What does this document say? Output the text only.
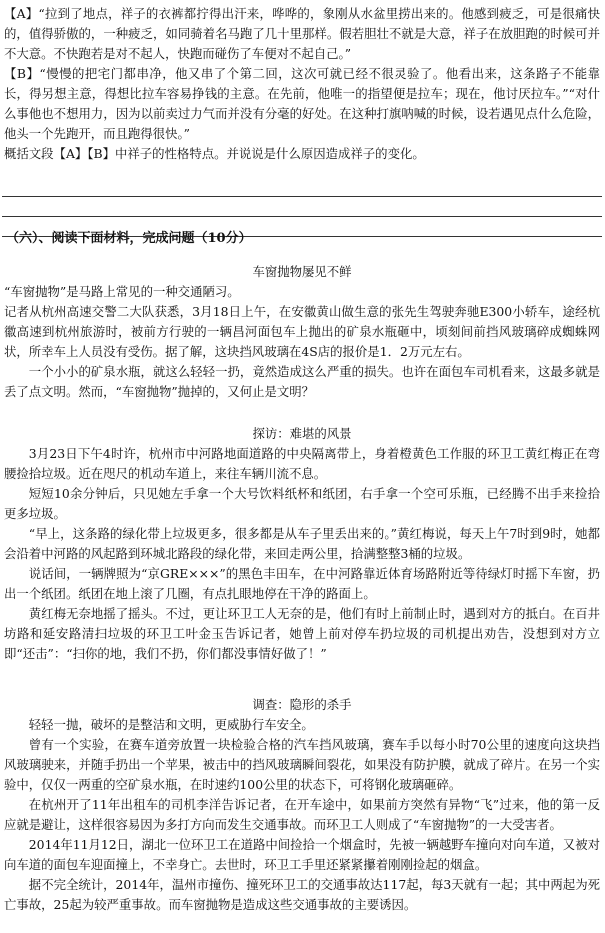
【A】“拉到了地点，祥子的衣裤都拧得出汗来，哗哗的，象刚从水盆里捞出来的。他感到疲乏，可是很痛快的，值得骄傲的，一种疲乏，如同骑着名马跑了几十里那样。假若胆壮不就是大意，祥子在放胆跑的时候可并不大意。不快跑若是对不起人，快跑而碰伤了车便对不起自己。”

【B】“慢慢的把宅门都串净，他又串了个第二回，这次可就已经不很灵验了。他看出来，这条路子不能靠长，得另想主意，得想比拉车容易挣钱的主意。在先前，他唯一的指望便是拉车；现在，他讨厌拉车。”“对什么事他也不想用力，因为以前卖过力气而并没有分毫的好处。在这种打旗呐喊的时候，设若遇见点什么危险，他头一个先跑开，而且跑得很快。”

概括文段【A】【B】中祥子的性格特点。并说说是什么原因造成祥子的变化。

（六）、阅读下面材料，完成问题（10分）

车窗抛物屡见不鲜

“车窗抛物”是马路上常见的一种交通陋习。

记者从杭州高速交警二大队获悉，3月18日上午，在安徽黄山做生意的张先生驾驶奔驰E300小轿车，途经杭徽高速到杭州旅游时，被前方行驶的一辆昌河面包车上抛出的矿泉水瓶砸中，顷刻间前挡风玻璃碎成蜘蛛网状，所幸车上人员没有受伤。据了解，这块挡风玻璃在4S店的报价是1．2万元左右。

一个小小的矿泉水瓶，就这么轻轻一扔，竟然造成这么严重的损失。也许在面包车司机看来，这最多就是丢了点文明。然而，“车窗抛物”抛掉的，又何止是文明？

探访：难堪的风景

3月23日下午4时许，杭州市中河路地面道路的中央隔离带上，身着橙黄色工作服的环卫工黄红梅正在弯腰捡拾垃圾。近在咫尺的机动车道上，来往车辆川流不息。

短短10余分钟后，只见她左手拿一个大号饮料纸杯和纸团，右手拿一个空可乐瓶，已经腾不出手来捡拾更多垃圾。

“早上，这条路的绿化带上垃圾更多，很多都是从车子里丢出来的。”黄红梅说，每天上午7时到9时，她都会沿着中河路的风起路到环城北路段的绿化带，来回走两公里，拾满整整3桶的垃圾。

说话间，一辆牌照为“京GRE×××”的黑色丰田车，在中河路靠近体育场路附近等待绿灯时摇下车窗，扔出一个纸团。纸团在地上滚了几圈，有点扎眼地停在干净的路面上。

黄红梅无奈地摇了摇头。不过，更让环卫工人无奈的是，他们有时上前制止时，遇到对方的抵白。在百井坊路和延安路清扫垃圾的环卫工叶金玉告诉记者，她曾上前对停车扔垃圾的司机提出劝告，没想到对方立即“还击”：“扫你的地，我们不扔，你们都没事情好做了！”

调查：隐形的杀手

轻轻一抛，破坏的是整洁和文明，更威胁行车安全。

曾有一个实验，在赛车道旁放置一块检验合格的汽车挡风玻璃，赛车手以每小时70公里的速度向这块挡风玻璃驶来，并随手扔出一个苹果，被击中的挡风玻璃瞬间裂花，如果没有防护膜，就成了碎片。在另一个实验中，仅仅一两重的空矿泉水瓶，在时速约100公里的状态下，可将钢化玻璃砸碎。

在杭州开了11年出租车的司机李洋告诉记者，在开车途中，如果前方突然有异物“飞”过来，他的第一反应就是避让，这样很容易因为多打方向而发生交通事故。而环卫工人则成了“车窗抛物”的一大受害者。

2014年11月12日，湖北一位环卫工在道路中间捡拾一个烟盒时，先被一辆越野车撞向对向车道，又被对向车道的面包车迎面撞上，不幸身亡。去世时，环卫工手里还紧紧攥着刚刚捡起的烟盒。

据不完全统计，2014年，温州市撞伤、撞死环卫工的交通事故达117起，每3天就有一起；其中两起为死亡事故，25起为较严重事故。而车窗抛物是造成这些交通事故的主要诱因。
